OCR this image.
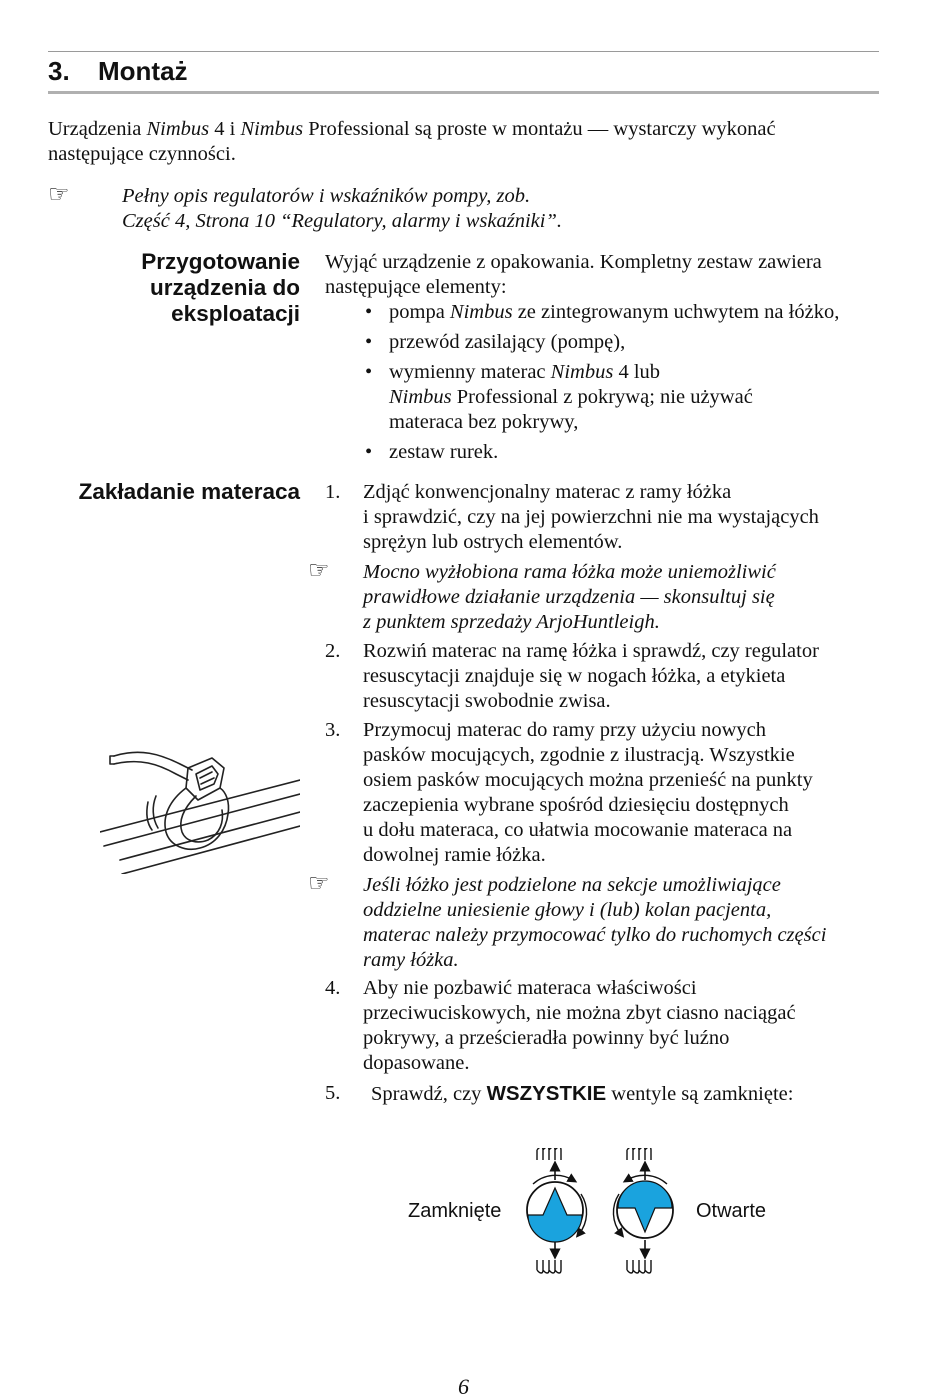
3. Montaż
Urządzenia Nimbus 4 i Nimbus Professional są proste w montażu — wystarczy wykonać
następujące czynności.
☞	Pełny opis regulatorów i wskaźników pompy, zob.
Część 4, Strona 10 “Regulatory, alarmy i wskaźniki”.
Przygotowanie
urządzenia do
eksploatacji
Wyjąć urządzenie z opakowania. Kompletny zestaw zawiera
następujące elementy:
• pompa Nimbus ze zintegrowanym uchwytem na łóżko,
• przewód zasilający (pompę),
• wymienny materac Nimbus 4 lub
Nimbus Professional z pokrywą; nie używać
materaca bez pokrywy,
• zestaw rurek.
Zakładanie materaca 1.	Zdjąć konwencjonalny materac z ramy łóżka
i sprawdzić, czy na jej powierzchni nie ma wystających
sprężyn lub ostrych elementów.
☞ Mocno wyżłobiona rama łóżka może uniemożliwić
prawidłowe działanie urządzenia — skonsultuj się
z punktem sprzedaży ArjoHuntleigh.
2.	Rozwiń materac na ramę łóżka i sprawdź, czy regulator
resuscytacji znajduje się w nogach łóżka, a etykieta
resuscytacji swobodnie zwisa.
3.	Przymocuj materac do ramy przy użyciu nowych
pasków mocujących, zgodnie z ilustracją. Wszystkie
osiem pasków mocujących można przenieść na punkty
zaczepienia wybrane spośród dziesięciu dostępnych
u dołu materaca, co ułatwia mocowanie materaca na
dowolnej ramie łóżka.
☞ Jeśli łóżko jest podzielone na sekcje umożliwiające
oddzielne uniesienie głowy i (lub) kolan pacjenta,
materac należy przymocować tylko do ruchomych części
ramy łóżka.
4.	Aby nie pozbawić materaca właściwości
przeciwuciskowych, nie można zbyt ciasno naciągać
pokrywy, a prześcieradła powinny być luźno
dopasowane.
5.	Sprawdź, czy WSZYSTKIE wentyle są zamknięte:
Zamknięte	Otwarte
6
